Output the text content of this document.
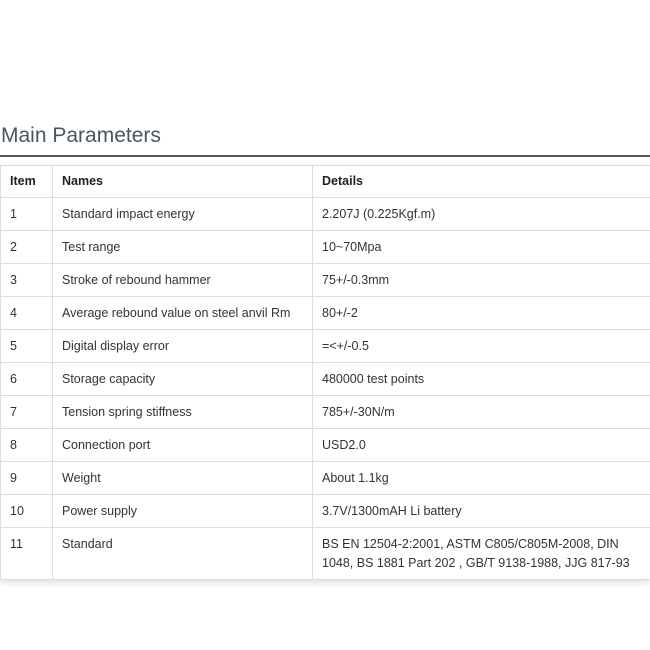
Main Parameters
Item	Names	Details
1	Standard impact energy	2.207J (0.225Kgf.m)
2	Test range	10~70Mpa
3	Stroke of rebound hammer	75+/-0.3mm
4	Average rebound value on steel anvil Rm	80+/-2
5	Digital display error	=<+/-0.5
6	Storage capacity	480000 test points
7	Tension spring stiffness	785+/-30N/m
8	Connection port	USD2.0
9	Weight	About 1.1kg
10	Power supply	3.7V/1300mAH Li battery
11	Standard	BS EN 12504-2:2001, ASTM C805/C805M-2008, DIN 1048, BS 1881 Part 202 , GB/T 9138-1988, JJG 817-93
